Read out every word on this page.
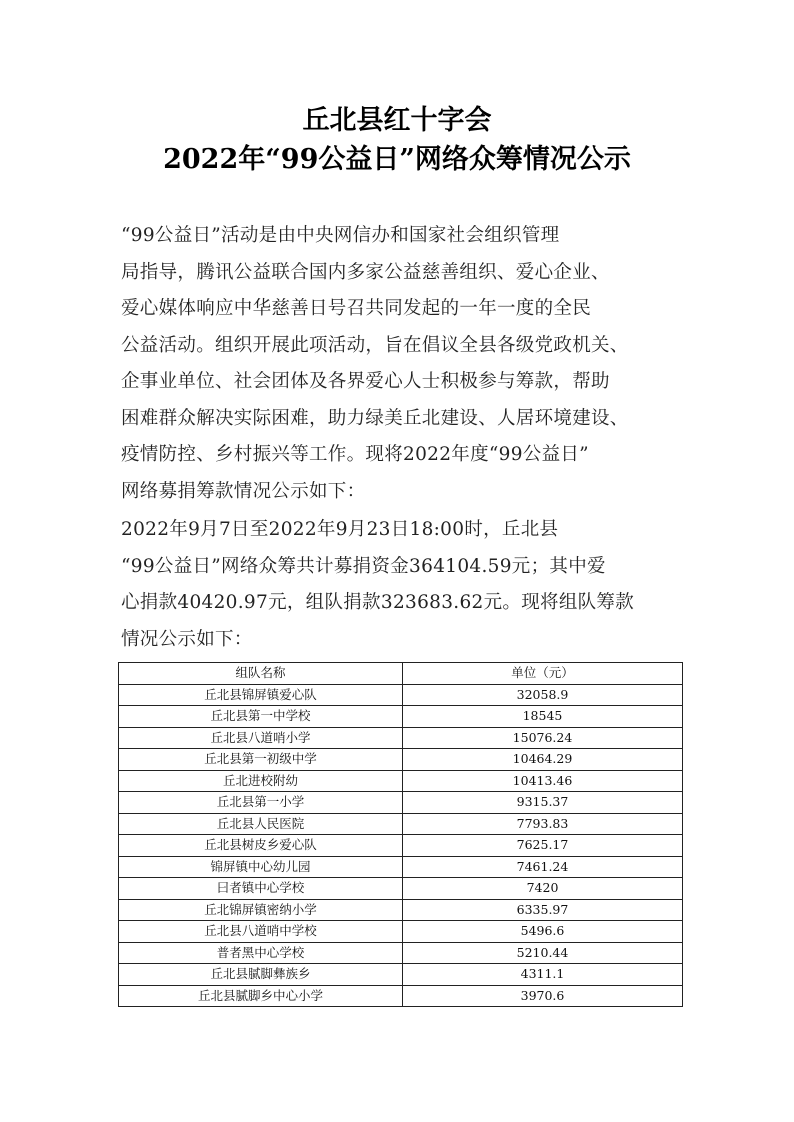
丘北县红十字会
2022年“99公益日”网络众筹情况公示
“99公益日”活动是由中央网信办和国家社会组织管理
局指导，腾讯公益联合国内多家公益慈善组织、爱心企业、
爱心媒体响应中华慈善日号召共同发起的一年一度的全民
公益活动。组织开展此项活动，旨在倡议全县各级党政机关、
企事业单位、社会团体及各界爱心人士积极参与筹款，帮助
困难群众解决实际困难，助力绿美丘北建设、人居环境建设、
疫情防控、乡村振兴等工作。现将2022年度“99公益日”
网络募捐筹款情况公示如下：
2022年9月7日至2022年9月23日18:00时，丘北县
“99公益日”网络众筹共计募捐资金364104.59元；其中爱
心捐款40420.97元，组队捐款323683.62元。现将组队筹款
情况公示如下：
组队名称	单位（元）
丘北县锦屏镇爱心队	32058.9
丘北县第一中学校	18545
丘北县八道哨小学	15076.24
丘北县第一初级中学	10464.29
丘北进校附幼	10413.46
丘北县第一小学	9315.37
丘北县人民医院	7793.83
丘北县树皮乡爱心队	7625.17
锦屏镇中心幼儿园	7461.24
曰者镇中心学校	7420
丘北锦屏镇密纳小学	6335.97
丘北县八道哨中学校	5496.6
普者黑中心学校	5210.44
丘北县腻脚彝族乡	4311.1
丘北县腻脚乡中心小学	3970.6
